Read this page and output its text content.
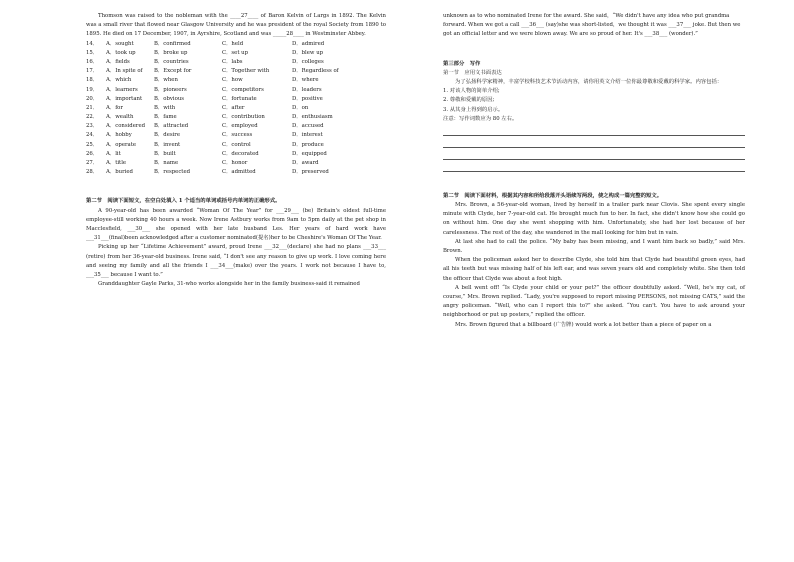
Thomson was raised to the nobleman with the ____27____ of Baron Kelvin of Largs in 1892. The Kelvin was a small river that flowed near Glasgow University and he was president of the royal Society from 1890 to 1895. He died on 17 December, 1907, in Ayrshire, Scotland and was _____28____ in Westminster Abbey.

14．	A．sought	B．confirmed	C．held	D．admired
15．	A．took up	B．broke up	C．set up	D．blew up
16．	A．fields	B．countries	C．labs	D．colleges
17．	A．In spite of	B．Except for	C．Together with	D．Regardless of
18．	A．which	B．when	C．how	D．where
19．	A．learners	B．pioneers	C．competitors	D．leaders
20．	A．important	B．obvious	C．fortunate	D．positive
21．	A．for	B．with	C．after	D．on
22．	A．wealth	B．fame	C．contribution	D．enthusiasm
23．	A．considered	B．attracted	C．employed	D．accused
24．	A．hobby	B．desire	C．success	D．interest
25．	A．operate	B．invent	C．control	D．produce
26．	A．lit	B．built	C．decorated	D．equipped
27．	A．title	B．name	C．honor	D．award
28．	A．buried	B．respected	C．admitted	D．preserved

第二节　阅读下面短文，在空白处填入 1 个适当的单词或括号内单词的正确形式。

A 90-year-old has been awarded “Woman Of The Year” for ___29___ (be) Britain's oldest full-time employee-still working 40 hours a week. Now Irene Astbury works from 9am to 5pm daily at the pet shop in Macclesfield, ___30___ she opened with her late husband Les. Her years of hard work have ___31___(final)been acknowledged after a customer nominated(提名)her to be Cheshire's Woman Of The Year.

Picking up her “Lifetime Achievement” award, proud Irene ___32___(declare) she had no plans ___33___ (retire) from her 36-year-old business. Irene said, “I don't see any reason to give up work. I love coming here and seeing my family and all the friends I ___34___(make) over the years. I work not because I have to, ___35___ because I want to.”

Granddaughter Gayle Parks, 31-who works alongside her in the family business-said it remained

unknown as to who nominated Irene for the award. She said，“We didn't have any idea who put grandma forward. When we got a call ___36___ (say)she was short-listed，we thought it was ___37___ joke. But then we got an official letter and we were blown away. We are so proud of her. It's ___38___ (wonder).”

第三部分　写作

第一节　应用文书面表达

为了弘扬科学家精神，丰富学校科技艺术节活动内容，请你用英文介绍一位你最尊敬和爱戴的科学家。内容包括：

1. 对该人物的简单介绍;

2. 尊敬和爱戴的原因;

3. 从其身上得到的启示。

注意：写作词数应为 80 左右。

第二节　阅读下面材料，根据其内容和所给段落开头语续写两段，使之构成一篇完整的短文。

Mrs. Brown, a 56-year-old woman, lived by herself in a trailer park near Clovis. She spent every single minute with Clyde, her 7-year-old cat. He brought much fun to her. In fact, she didn't know how she could go on without him. One day she went shopping with him. Unfortunately, she had her lost because of her carelessness. The rest of the day, she wandered in the mall looking for him but in vain.

At last she had to call the police. “My baby has been missing, and I want him back so badly,” said Mrs. Brown.

When the policeman asked her to describe Clyde, she told him that Clyde had beautiful green eyes, had all his teeth but was missing half of his left ear, and was seven years old and completely white. She then told the officer that Clyde was about a foot high.

A bell went off! “Is Clyde your child or your pet?” the officer doubtfully asked. “Well, he's my cat, of course,” Mrs. Brown replied. “Lady, you're supposed to report missing PERSONS, not missing CATS,” said the angry policeman. “Well, who can I report this to?” she asked. “You can't. You have to ask around your neighborhood or put up posters,” replied the officer.

Mrs. Brown figured that a billboard (广告牌) would work a lot better than a piece of paper on a
